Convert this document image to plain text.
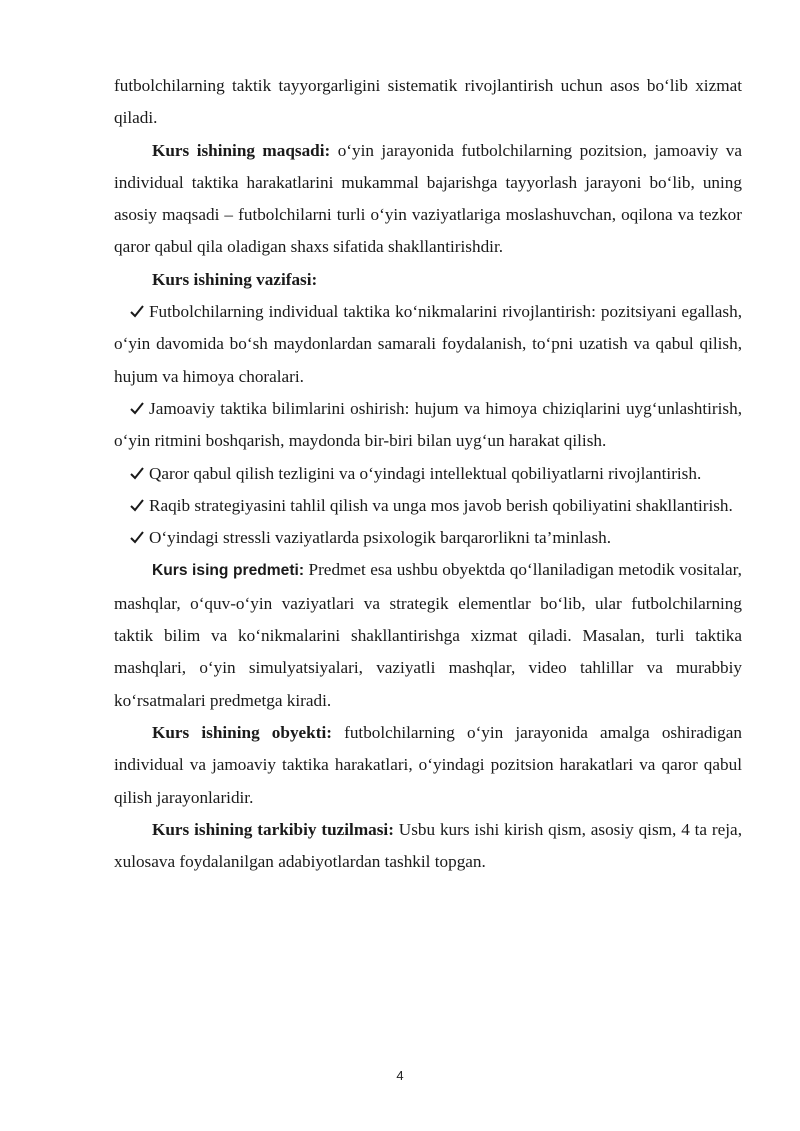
futbolchilarning taktik tayyorgarligini sistematik rivojlantirish uchun asos bo‘lib xizmat qiladi.

Kurs ishining maqsadi: o‘yin jarayonida futbolchilarning pozitsion, jamoaviy va individual taktika harakatlarini mukammal bajarishga tayyorlash jarayoni bo‘lib, uning asosiy maqsadi – futbolchilarni turli o‘yin vaziyatlariga moslashuvchan, oqilona va tezkor qaror qabul qila oladigan shaxs sifatida shakllantirishdir.

Kurs ishining vazifasi:

Futbolchilarning individual taktika ko‘nikmalarini rivojlantirish: pozitsiyani egallash, o‘yin davomida bo‘sh maydonlardan samarali foydalanish, to‘pni uzatish va qabul qilish, hujum va himoya choralari.

Jamoaviy taktika bilimlarini oshirish: hujum va himoya chiziqlarini uyg‘unlashtirish, o‘yin ritmini boshqarish, maydonda bir-biri bilan uyg‘un harakat qilish.

Qaror qabul qilish tezligini va o‘yindagi intellektual qobiliyatlarni rivojlantirish.

Raqib strategiyasini tahlil qilish va unga mos javob berish qobiliyatini shakllantirish.

O‘yindagi stressli vaziyatlarda psixologik barqarorlikni ta’minlash.

Kurs ising predmeti: Predmet esa ushbu obyektda qo‘llaniladigan metodik vositalar, mashqlar, o‘quv-o‘yin vaziyatlari va strategik elementlar bo‘lib, ular futbolchilarning taktik bilim va ko‘nikmalarini shakllantirishga xizmat qiladi. Masalan, turli taktika mashqlari, o‘yin simulyatsiyalari, vaziyatli mashqlar, video tahlillar va murabbiy ko‘rsatmalari predmetga kiradi.

Kurs ishining obyekti: futbolchilarning o‘yin jarayonida amalga oshiradigan individual va jamoaviy taktika harakatlari, o‘yindagi pozitsion harakatlari va qaror qabul qilish jarayonlaridir.

Kurs ishining tarkibiy tuzilmasi: Usbu kurs ishi kirish qism, asosiy qism, 4 ta reja, xulosava foydalanilgan adabiyotlardan tashkil topgan.

4
